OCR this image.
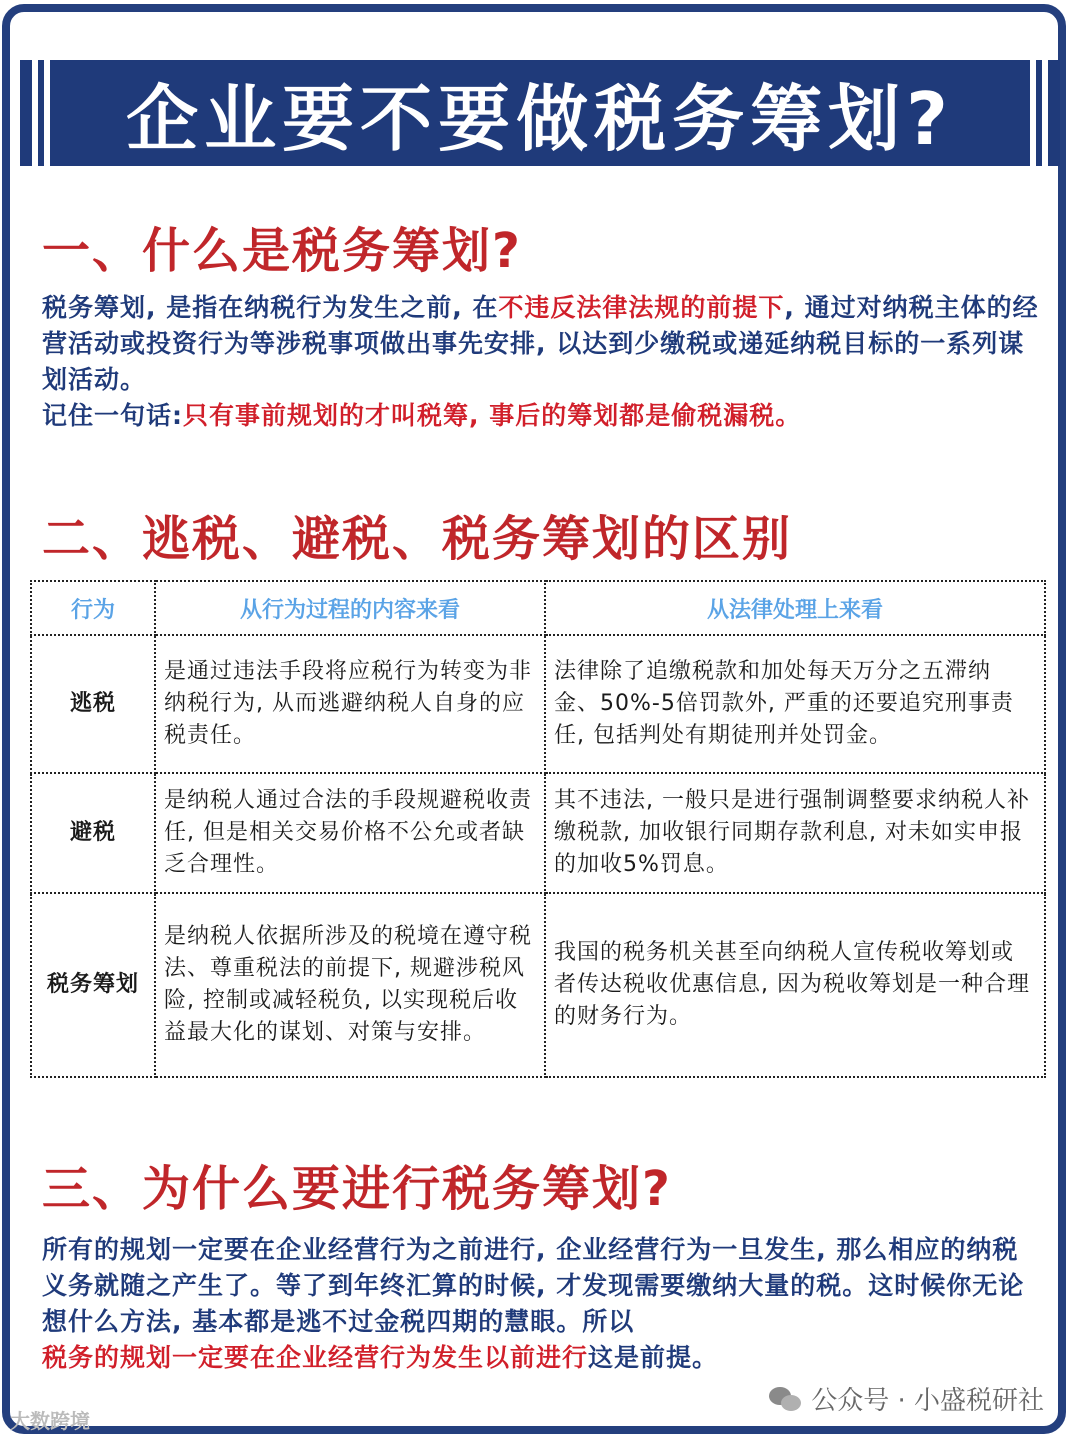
企业要不要做税务筹划?
一、什么是税务筹划?
税务筹划, 是指在纳税行为发生之前, 在不违反法律法规的前提下, 通过对纳税主体的经营活动或投资行为等涉税事项做出事先安排, 以达到少缴税或递延纳税目标的一系列谋划活动。
记住一句话:只有事前规划的才叫税筹, 事后的筹划都是偷税漏税。
二、逃税、避税、税务筹划的区别
行为	从行为过程的内容来看	从法律处理上来看
逃税	是通过违法手段将应税行为转变为非纳税行为, 从而逃避纳税人自身的应税责任。	法律除了追缴税款和加处每天万分之五滞纳金、50%-5倍罚款外, 严重的还要追究刑事责任, 包括判处有期徒刑并处罚金。
避税	是纳税人通过合法的手段规避税收责任, 但是相关交易价格不公允或者缺乏合理性。	其不违法, 一般只是进行强制调整要求纳税人补缴税款, 加收银行同期存款利息, 对未如实申报的加收5%罚息。
税务筹划	是纳税人依据所涉及的税境在遵守税法、尊重税法的前提下, 规避涉税风险, 控制或减轻税负, 以实现税后收益最大化的谋划、对策与安排。	我国的税务机关甚至向纳税人宣传税收筹划或者传达税收优惠信息, 因为税收筹划是一种合理的财务行为。
三、为什么要进行税务筹划?
所有的规划一定要在企业经营行为之前进行, 企业经营行为一旦发生, 那么相应的纳税义务就随之产生了。等了到年终汇算的时候, 才发现需要缴纳大量的税。这时候你无论想什么方法, 基本都是逃不过金税四期的慧眼。所以
税务的规划一定要在企业经营行为发生以前进行这是前提。
公众号 · 小盛税研社
大数跨境
